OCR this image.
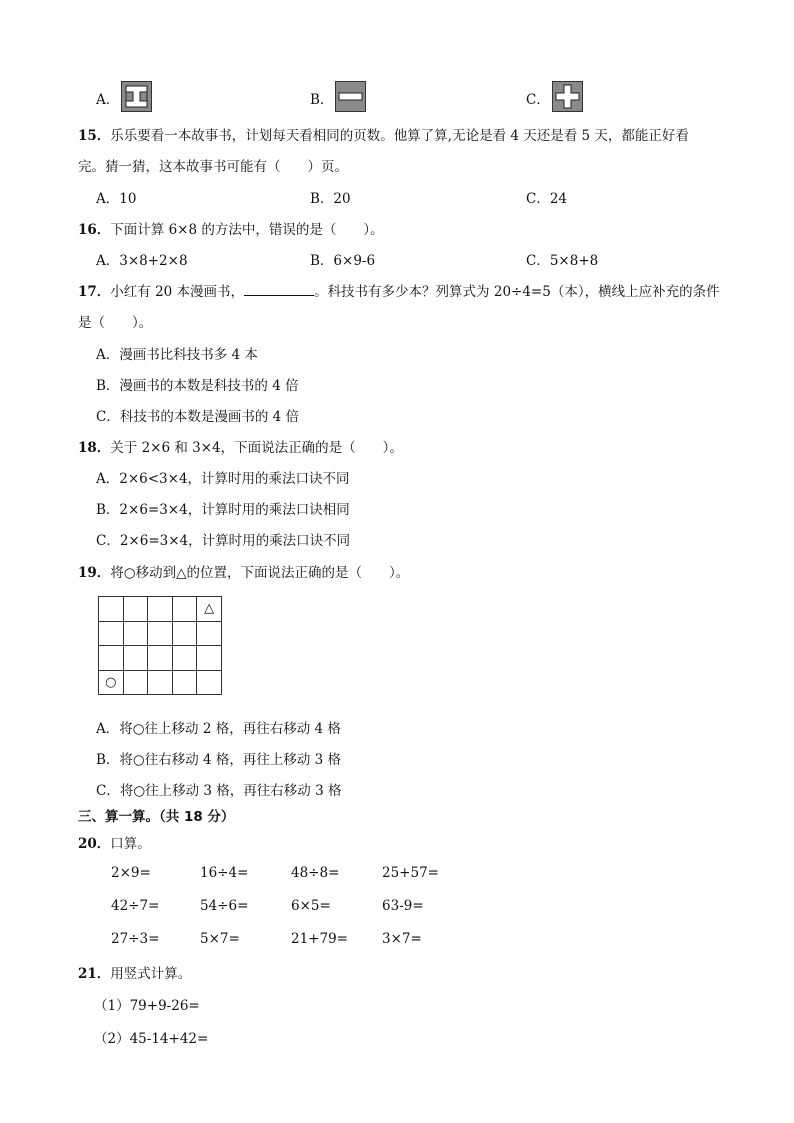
A．	B．	C．
15．乐乐要看一本故事书，计划每天看相同的页数。他算了算,无论是看 4 天还是看 5 天，都能正好看
完。猜一猜，这本故事书可能有（　　）页。
A．10	B．20	C．24
16．下面计算 6×8 的方法中，错误的是（　　）。
A．3×8+2×8	B．6×9-6	C．5×8+8
17．小红有 20 本漫画书，	。科技书有多少本？列算式为 20÷4=5（本），横线上应补充的条件
是（　　）。
A．漫画书比科技书多 4 本
B．漫画书的本数是科技书的 4 倍
C．科技书的本数是漫画书的 4 倍
18．关于 2×6 和 3×4，下面说法正确的是（　　）。
A．2×6<3×4，计算时用的乘法口诀不同
B．2×6=3×4，计算时用的乘法口诀相同
C．2×6=3×4，计算时用的乘法口诀不同
19．将○移动到△的位置，下面说法正确的是（　　）。
				△

○				
A．将○往上移动 2 格，再往右移动 4 格
B．将○往右移动 4 格，再往上移动 3 格
C．将○往上移动 3 格，再往右移动 3 格
三、算一算。（共 18 分）
20．口算。
2×9=	16÷4=	48÷8=	25+57=
42÷7=	54÷6=	6×5=	63-9=
27÷3=	5×7=	21+79=	3×7=
21．用竖式计算。
（1）79+9-26=
（2）45-14+42=
